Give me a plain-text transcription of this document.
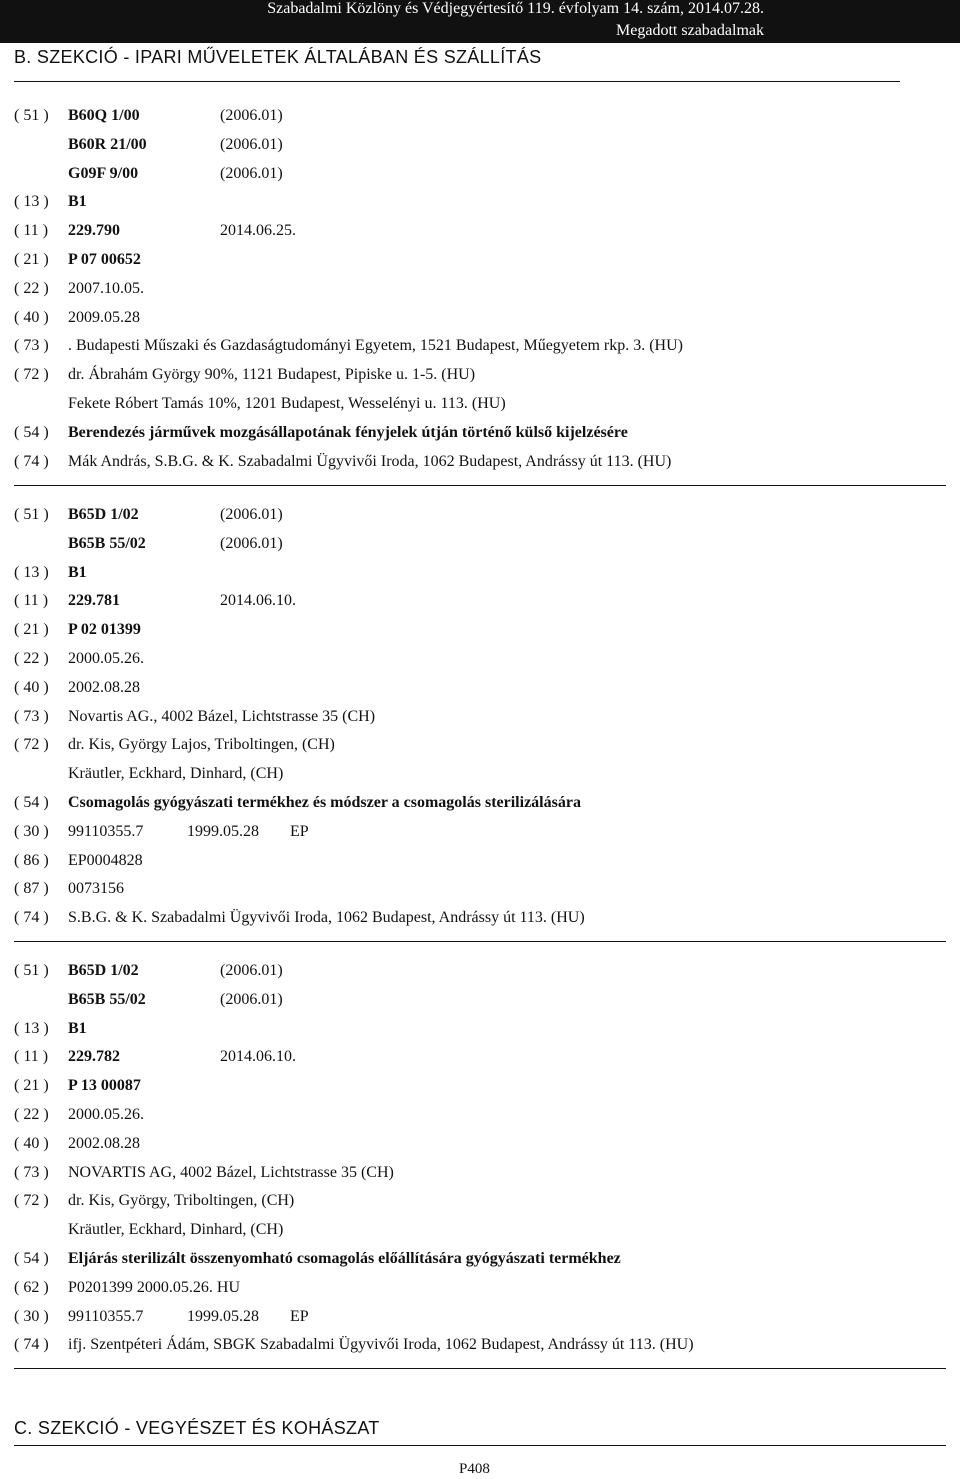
Szabadalmi Közlöny és Védjegyértesítő 119. évfolyam 14. szám, 2014.07.28.
Megadott szabadalmak
B. SZEKCIÓ - IPARI MŰVELETEK ÁLTALÁBAN ÉS SZÁLLÍTÁS
( 51 ) B60Q 1/00	(2006.01)
B60R 21/00	(2006.01)
G09F 9/00	(2006.01)
( 13 ) B1
( 11 ) 229.790	2014.06.25.
( 21 ) P 07 00652
( 22 ) 2007.10.05.
( 40 ) 2009.05.28
( 73 ) . Budapesti Műszaki és Gazdaságtudományi Egyetem, 1521 Budapest, Műegyetem rkp. 3. (HU)
( 72 ) dr. Ábrahám György 90%, 1121 Budapest, Pipiske u. 1-5. (HU)
Fekete Róbert Tamás 10%, 1201 Budapest, Wesselényi u. 113. (HU)
( 54 ) Berendezés járművek mozgásállapotának fényjelek útján történő külső kijelzésére
( 74 ) Mák András, S.B.G. & K. Szabadalmi Ügyvivői Iroda, 1062 Budapest, Andrássy út 113. (HU)
( 51 ) B65D 1/02	(2006.01)
B65B 55/02	(2006.01)
( 13 ) B1
( 11 ) 229.781	2014.06.10.
( 21 ) P 02 01399
( 22 ) 2000.05.26.
( 40 ) 2002.08.28
( 73 ) Novartis AG., 4002 Bázel, Lichtstrasse 35 (CH)
( 72 ) dr. Kis, György Lajos, Triboltingen, (CH)
Kräutler, Eckhard, Dinhard, (CH)
( 54 ) Csomagolás gyógyászati termékhez és módszer a csomagolás sterilizálására
( 30 ) 99110355.7	1999.05.28 EP
( 86 ) EP0004828
( 87 ) 0073156
( 74 ) S.B.G. & K. Szabadalmi Ügyvivői Iroda, 1062 Budapest, Andrássy út 113. (HU)
( 51 ) B65D 1/02	(2006.01)
B65B 55/02	(2006.01)
( 13 ) B1
( 11 ) 229.782	2014.06.10.
( 21 ) P 13 00087
( 22 ) 2000.05.26.
( 40 ) 2002.08.28
( 73 ) NOVARTIS AG, 4002 Bázel, Lichtstrasse 35 (CH)
( 72 ) dr. Kis, György, Triboltingen, (CH)
Kräutler, Eckhard, Dinhard, (CH)
( 54 ) Eljárás sterilizált összenyomható csomagolás előállítására gyógyászati termékhez
( 62 ) P0201399 2000.05.26. HU
( 30 ) 99110355.7	1999.05.28 EP
( 74 ) ifj. Szentpéteri Ádám, SBGK Szabadalmi Ügyvivői Iroda, 1062 Budapest, Andrássy út 113. (HU)
C. SZEKCIÓ - VEGYÉSZET ÉS KOHÁSZAT
P408
